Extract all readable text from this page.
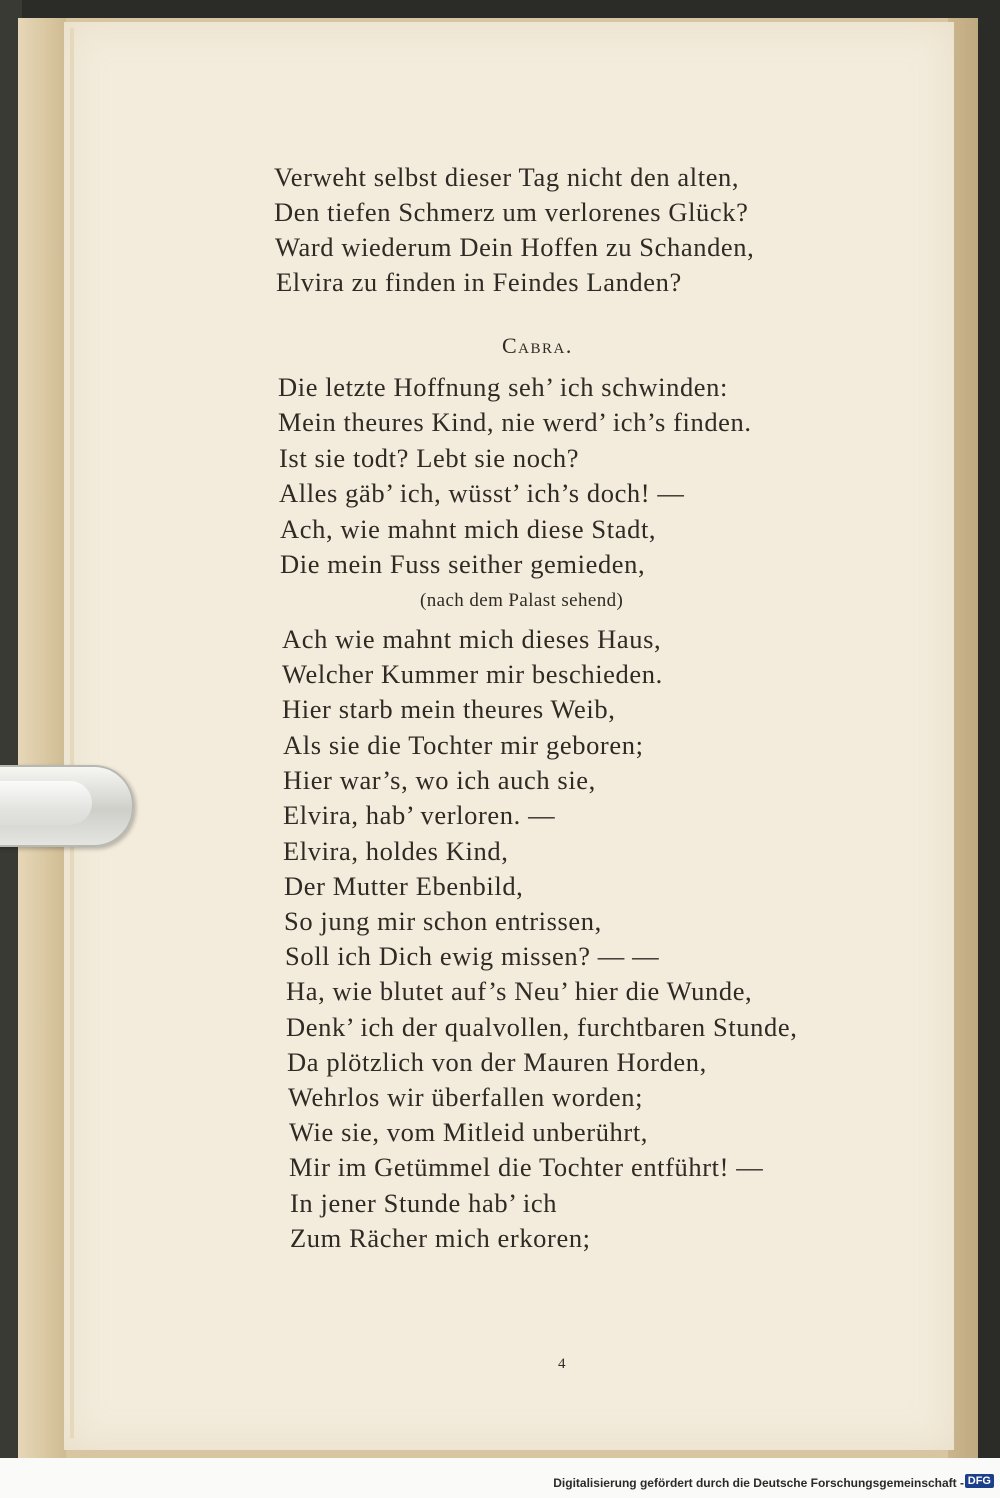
Verweht selbst dieser Tag nicht den alten,
Den tiefen Schmerz um verlorenes Glück?
Ward wiederum Dein Hoffen zu Schanden,
Elvira zu finden in Feindes Landen?
Cabra.
Die letzte Hoffnung seh’ ich schwinden:
Mein theures Kind, nie werd’ ich’s finden.
Ist sie todt? Lebt sie noch?
Alles gäb’ ich, wüsst’ ich’s doch! —
Ach, wie mahnt mich diese Stadt,
Die mein Fuss seither gemieden,
(nach dem Palast sehend)
Ach wie mahnt mich dieses Haus,
Welcher Kummer mir beschieden.
Hier starb mein theures Weib,
Als sie die Tochter mir geboren;
Hier war’s, wo ich auch sie,
Elvira, hab’ verloren. —
Elvira, holdes Kind,
Der Mutter Ebenbild,
So jung mir schon entrissen,
Soll ich Dich ewig missen? — —
Ha, wie blutet auf’s Neu’ hier die Wunde,
Denk’ ich der qualvollen, furchtbaren Stunde,
Da plötzlich von der Mauren Horden,
Wehrlos wir überfallen worden;
Wie sie, vom Mitleid unberührt,
Mir im Getümmel die Tochter entführt! —
In jener Stunde hab’ ich
Zum Rächer mich erkoren;
4
Digitalisierung gefördert durch die Deutsche Forschungsgemeinschaft - DFG
